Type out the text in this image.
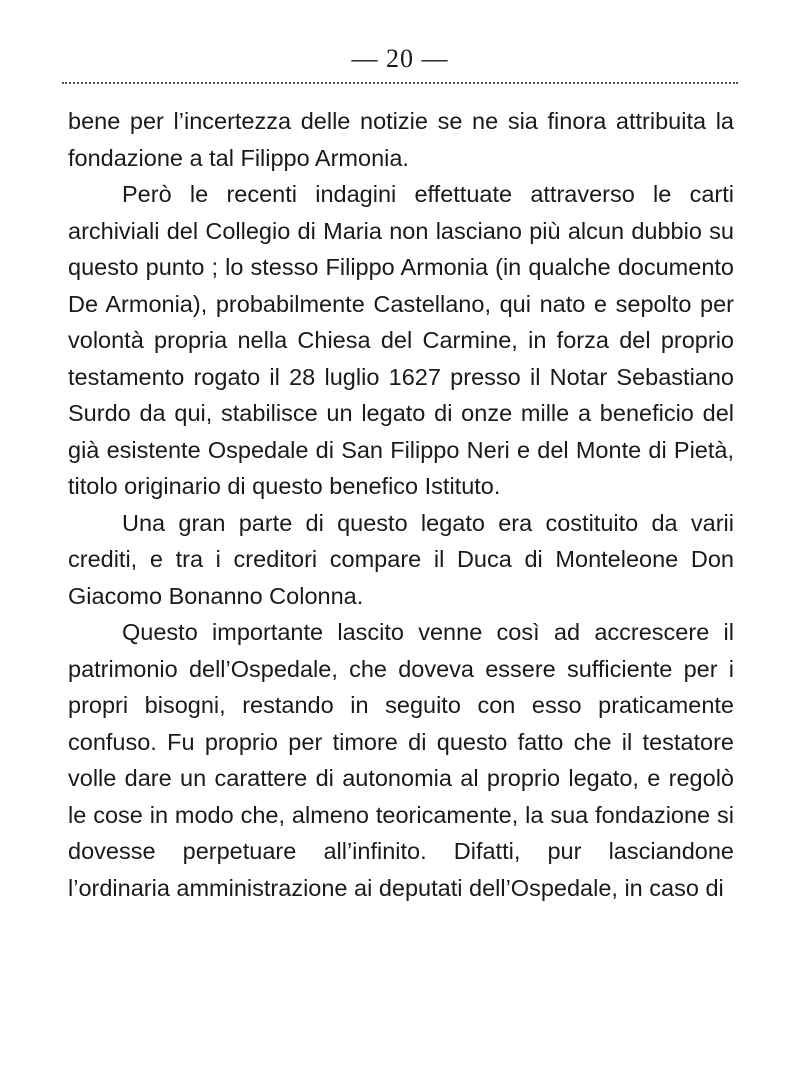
— 20 —

bene per l’incertezza delle notizie se ne sia finora attribuita la fondazione a tal Filippo Armonia.

Però le recenti indagini effettuate attraverso le carti archiviali del Collegio di Maria non lasciano più alcun dubbio su questo punto ; lo stesso Filippo Armonia (in qualche documento De Armonia), probabilmente Castellano, qui nato e sepolto per volontà propria nella Chiesa del Carmine, in forza del proprio testamento rogato il 28 luglio 1627 presso il Notar Sebastiano Surdo da qui, stabilisce un legato di onze mille a beneficio del già esistente Ospedale di San Filippo Neri e del Monte di Pietà, titolo originario di questo benefico Istituto.

Una gran parte di questo legato era costituito da varii crediti, e tra i creditori compare il Duca di Monteleone Don Giacomo Bonanno Colonna.

Questo importante lascito venne così ad accrescere il patrimonio dell’Ospedale, che doveva essere sufficiente per i propri bisogni, restando in seguito con esso praticamente confuso. Fu proprio per timore di questo fatto che il testatore volle dare un carattere di autonomia al proprio legato, e regolò le cose in modo che, almeno teoricamente, la sua fondazione si dovesse perpetuare all’infinito. Difatti, pur lasciandone l’ordinaria amministrazione ai deputati dell’Ospedale, in caso di
